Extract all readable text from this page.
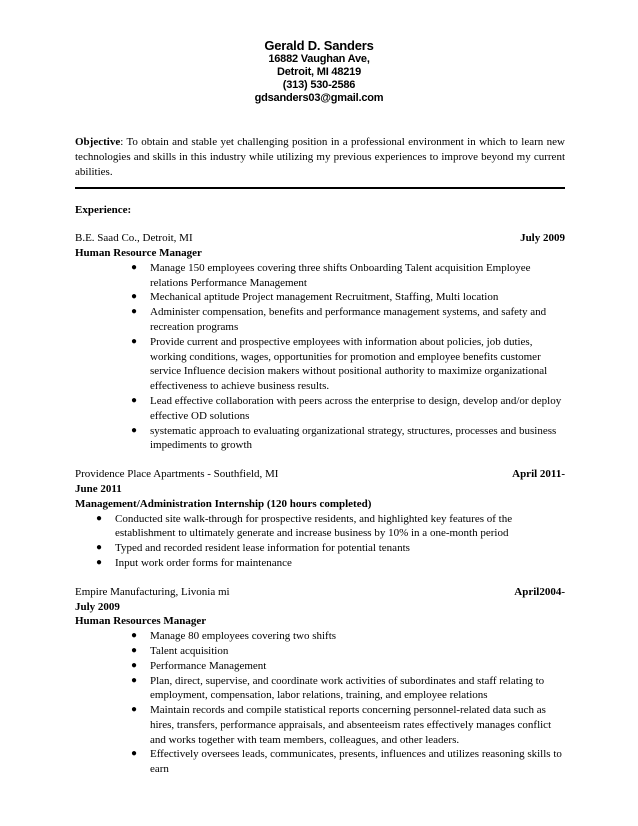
Gerald D. Sanders
16882 Vaughan Ave,
Detroit, MI 48219
(313) 530-2586
gdsanders03@gmail.com

Objective: To obtain and stable yet challenging position in a professional environment in which to learn new technologies and skills in this industry while utilizing my previous experiences to improve beyond my current abilities.

Experience:
B.E. Saad Co., Detroit, MI	July 2009
Human Resource Manager
● Manage 150 employees covering three shifts Onboarding Talent acquisition Employee relations Performance Management
● Mechanical aptitude Project management Recruitment, Staffing, Multi location
● Administer compensation, benefits and performance management systems, and safety and recreation programs
● Provide current and prospective employees with information about policies, job duties, working conditions, wages, opportunities for promotion and employee benefits customer service Influence decision makers without positional authority to maximize organizational effectiveness to achieve business results.
● Lead effective collaboration with peers across the enterprise to design, develop and/or deploy effective OD solutions
● systematic approach to evaluating organizational strategy, structures, processes and business impediments to growth
Providence Place Apartments - Southfield, MI	April 2011-
June 2011
Management/Administration Internship (120 hours completed)
● Conducted site walk-through for prospective residents, and highlighted key features of the establishment to ultimately generate and increase business by 10% in a one-month period
● Typed and recorded resident lease information for potential tenants
● Input work order forms for maintenance
Empire Manufacturing, Livonia mi	April2004-
July 2009
Human Resources Manager
● Manage 80 employees covering two shifts
● Talent acquisition
● Performance Management
● Plan, direct, supervise, and coordinate work activities of subordinates and staff relating to employment, compensation, labor relations, training, and employee relations
● Maintain records and compile statistical reports concerning personnel-related data such as hires, transfers, performance appraisals, and absenteeism rates effectively manages conflict and works together with team members, colleagues, and other leaders.
● Effectively oversees leads, communicates, presents, influences and utilizes reasoning skills to earn
